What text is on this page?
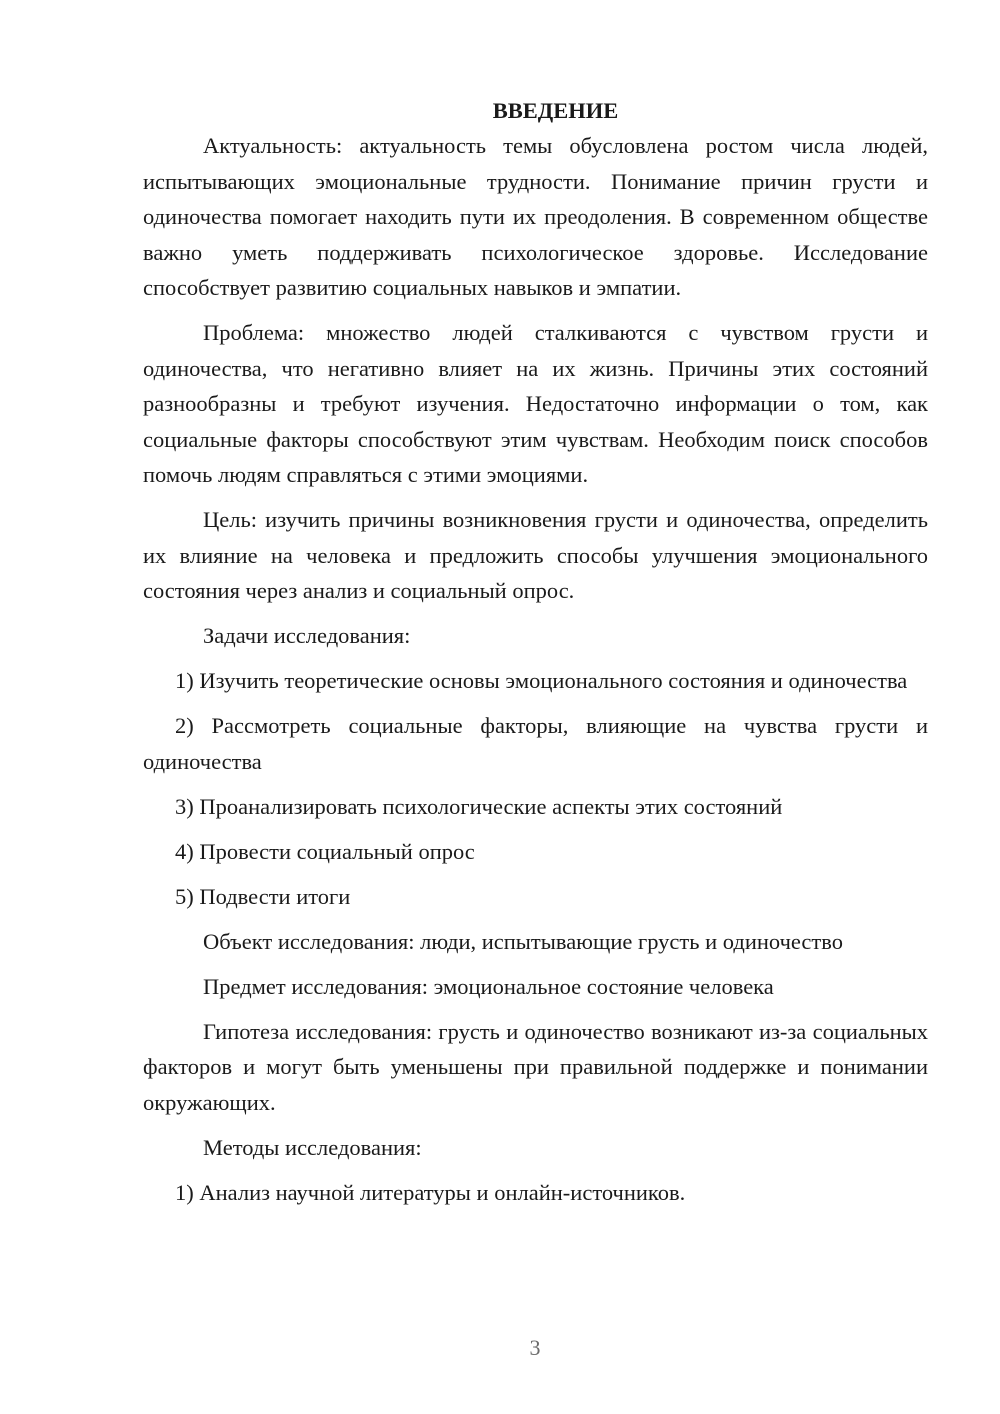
ВВЕДЕНИЕ

Актуальность: актуальность темы обусловлена ростом числа людей, испытывающих эмоциональные трудности. Понимание причин грусти и одиночества помогает находить пути их преодоления. В современном обществе важно уметь поддерживать психологическое здоровье. Исследование способствует развитию социальных навыков и эмпатии.

Проблема: множество людей сталкиваются с чувством грусти и одиночества, что негативно влияет на их жизнь. Причины этих состояний разнообразны и требуют изучения. Недостаточно информации о том, как социальные факторы способствуют этим чувствам. Необходим поиск способов помочь людям справляться с этими эмоциями.

Цель: изучить причины возникновения грусти и одиночества, определить их влияние на человека и предложить способы улучшения эмоционального состояния через анализ и социальный опрос.

Задачи исследования:

1) Изучить теоретические основы эмоционального состояния и одиночества

2) Рассмотреть социальные факторы, влияющие на чувства грусти и одиночества

3) Проанализировать психологические аспекты этих состояний

4) Провести социальный опрос

5) Подвести итоги

Объект исследования: люди, испытывающие грусть и одиночество

Предмет исследования: эмоциональное состояние человека

Гипотеза исследования: грусть и одиночество возникают из-за социальных факторов и могут быть уменьшены при правильной поддержке и понимании окружающих.

Методы исследования:

1) Анализ научной литературы и онлайн-источников.

3
